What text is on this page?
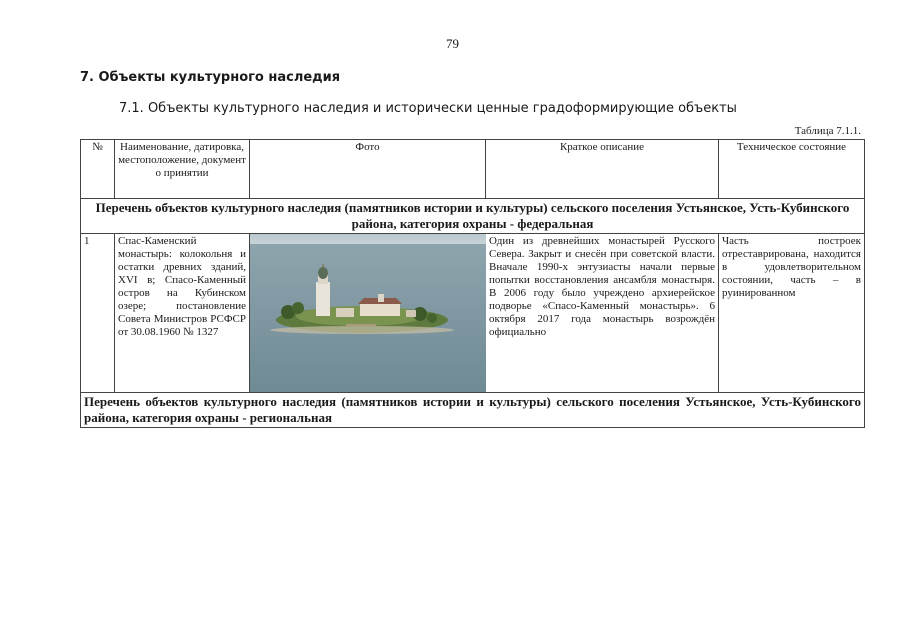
79
7. Объекты культурного наследия
7.1. Объекты культурного наследия и исторически ценные градоформирующие объекты
Таблица 7.1.1.
№	Наименование, датировка, местоположение, документ о принятии	Фото	Краткое описание	Техническое состояние
Перечень объектов культурного наследия (памятников истории и культуры) сельского поселения Устьянское, Усть-Кубинского района, категория охраны - федеральная				
1	Спас-Каменский монастырь: колокольня и остатки древних зданий, XVI в; Спасо-Каменный остров на Кубинском озере; постановление Совета Министров РСФСР от 30.08.1960 № 1327		Один из древнейших монастырей Русского Севера. Закрыт и снесён при советской власти. Вначале 1990-х энтузиасты начали первые попытки восстановления ансамбля монастыря. В 2006 году было учреждено архиерейское подворье «Спасо-Каменный монастырь». 6 октября 2017 года монастырь возрождён официально	Часть построек отреставрирована, находится в удовлетворительном состоянии, часть – в руинированном
Перечень объектов культурного наследия (памятников истории и культуры) сельского поселения Устьянское, Усть-Кубинского района, категория охраны - региональная				
